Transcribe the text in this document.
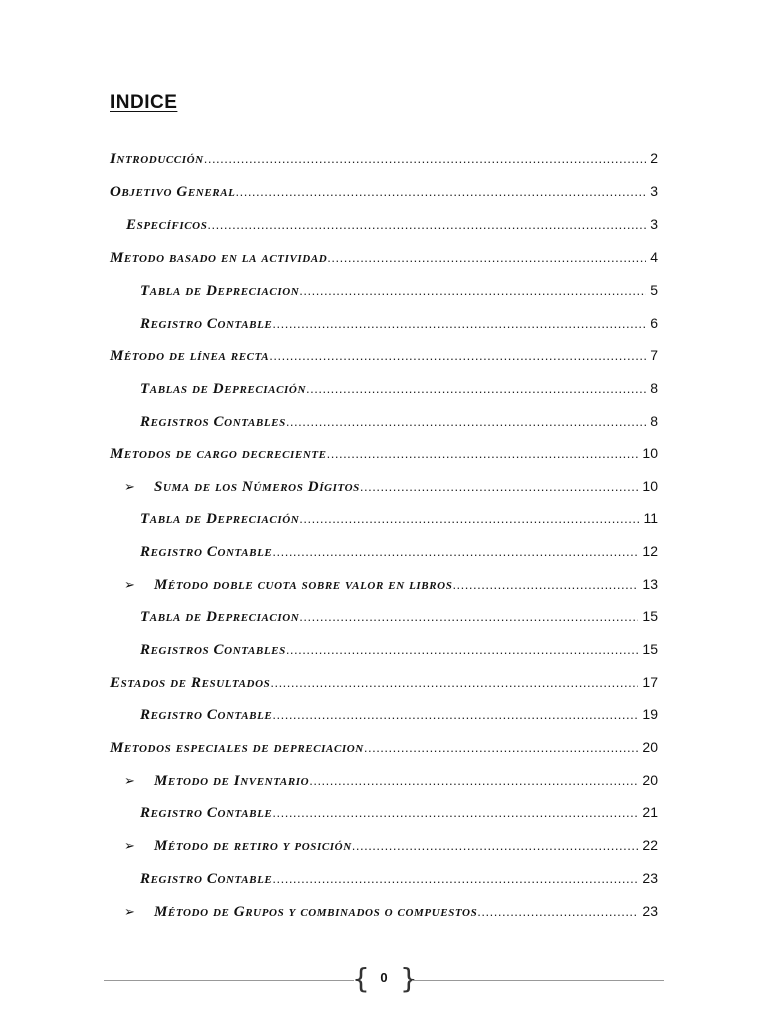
INDICE
Introducción .....	2
Objetivo General .....	3
Específicos .....	3
Metodo basado en la actividad .....	4
Tabla de Depreciacion .....	5
Registro Contable .....	6
Método de línea recta .....	7
Tablas de Depreciación .....	8
Registros Contables .....	8
Metodos de cargo decreciente .....	10
➢ Suma de los Números Dígitos .....	10
Tabla de Depreciación .....	11
Registro Contable .....	12
➢ Método doble cuota sobre valor en libros .....	13
Tabla de Depreciacion .....	15
Registros Contables .....	15
Estados de Resultados .....	17
Registro Contable .....	19
Metodos especiales de depreciacion .....	20
➢ Metodo de Inventario .....	20
Registro Contable .....	21
➢ Método de retiro y posición .....	22
Registro Contable .....	23
➢ Método de Grupos y combinados o compuestos .....	23
{ 0 }
